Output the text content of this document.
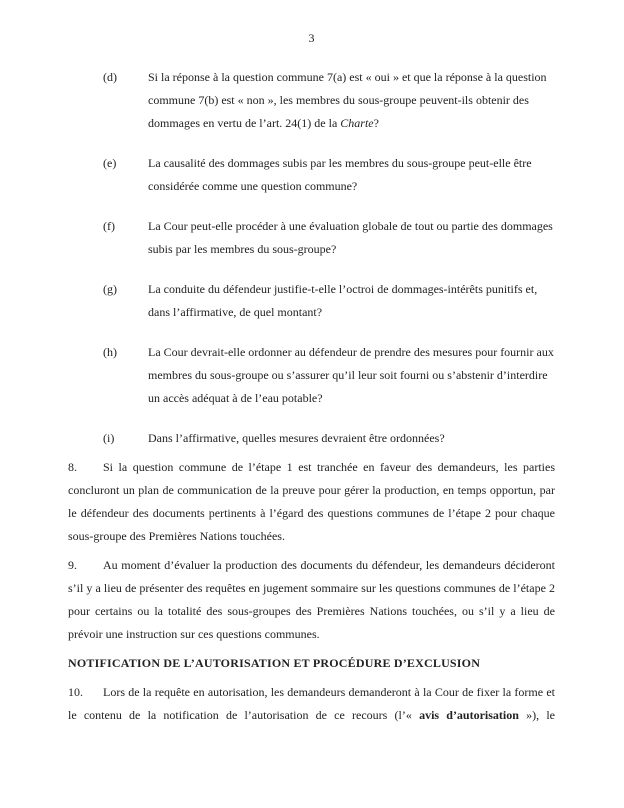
3
(d)	Si la réponse à la question commune 7(a) est « oui » et que la réponse à la question commune 7(b) est « non », les membres du sous-groupe peuvent-ils obtenir des dommages en vertu de l’art. 24(1) de la Charte?
(e)	La causalité des dommages subis par les membres du sous-groupe peut-elle être considérée comme une question commune?
(f)	La Cour peut-elle procéder à une évaluation globale de tout ou partie des dommages subis par les membres du sous-groupe?
(g)	La conduite du défendeur justifie-t-elle l’octroi de dommages-intérêts punitifs et, dans l’affirmative, de quel montant?
(h)	La Cour devrait-elle ordonner au défendeur de prendre des mesures pour fournir aux membres du sous-groupe ou s’assurer qu’il leur soit fourni ou s’abstenir d’interdire un accès adéquat à de l’eau potable?
(i)	Dans l’affirmative, quelles mesures devraient être ordonnées?

8. Si la question commune de l’étape 1 est tranchée en faveur des demandeurs, les parties concluront un plan de communication de la preuve pour gérer la production, en temps opportun, par le défendeur des documents pertinents à l’égard des questions communes de l’étape 2 pour chaque sous-groupe des Premières Nations touchées.

9. Au moment d’évaluer la production des documents du défendeur, les demandeurs décideront s’il y a lieu de présenter des requêtes en jugement sommaire sur les questions communes de l’étape 2 pour certains ou la totalité des sous-groupes des Premières Nations touchées, ou s’il y a lieu de prévoir une instruction sur ces questions communes.

NOTIFICATION DE L’AUTORISATION ET PROCÉDURE D’EXCLUSION

10. Lors de la requête en autorisation, les demandeurs demanderont à la Cour de fixer la forme et le contenu de la notification de l’autorisation de ce recours (l’« avis d’autorisation »), le
